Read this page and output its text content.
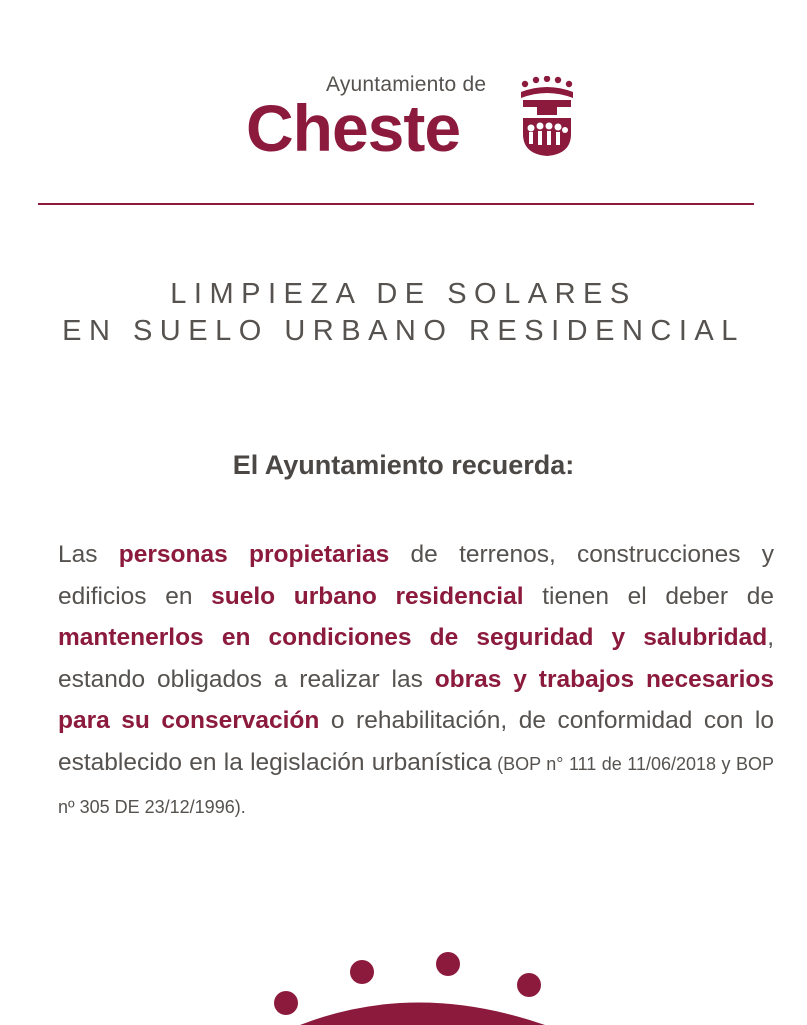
Ayuntamiento de
Cheste
LIMPIEZA DE SOLARES
EN SUELO URBANO RESIDENCIAL
El Ayuntamiento recuerda:
Las personas propietarias de terrenos, construcciones y edificios en suelo urbano residencial tienen el deber de mantenerlos en condiciones de seguridad y salubridad, estando obligados a realizar las obras y trabajos necesarios para su conservación o rehabilitación, de conformidad con lo establecido en la legislación urbanística (BOP n° 111 de 11/06/2018 y BOP nº 305 DE 23/12/1996).
